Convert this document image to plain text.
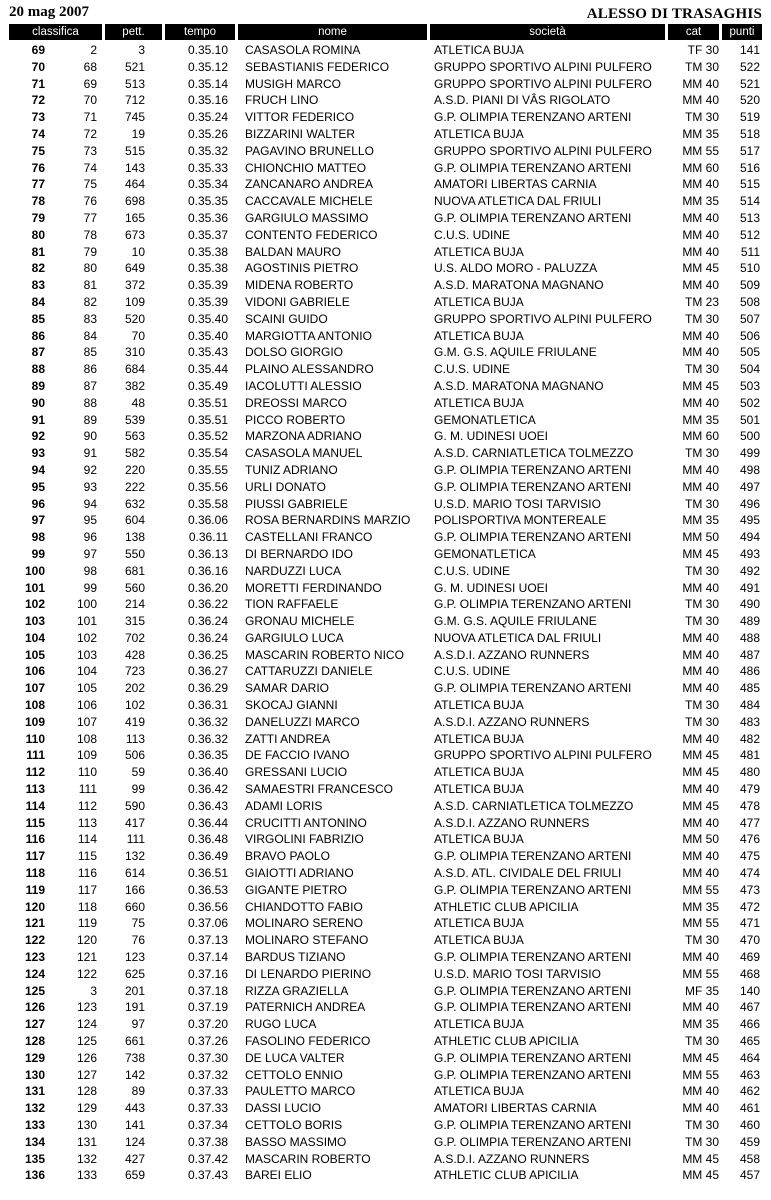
20 mag 2007	ALESSO DI TRASAGHIS
classifica		pett.	tempo	nome	società	cat	punti
69	2	3	0.35.10	CASASOLA ROMINA	ATLETICA BUJA	TF 30	141
70	68	521	0.35.12	SEBASTIANIS FEDERICO	GRUPPO SPORTIVO ALPINI PULFERO	TM 30	522
71	69	513	0.35.14	MUSIGH MARCO	GRUPPO SPORTIVO ALPINI PULFERO	MM 40	521
72	70	712	0.35.16	FRUCH LINO	A.S.D. PIANI DI VÂS RIGOLATO	MM 40	520
73	71	745	0.35.24	VITTOR FEDERICO	G.P. OLIMPIA TERENZANO ARTENI	TM 30	519
74	72	19	0.35.26	BIZZARINI WALTER	ATLETICA BUJA	MM 35	518
75	73	515	0.35.32	PAGAVINO BRUNELLO	GRUPPO SPORTIVO ALPINI PULFERO	MM 55	517
76	74	143	0.35.33	CHIONCHIO MATTEO	G.P. OLIMPIA TERENZANO ARTENI	MM 60	516
77	75	464	0.35.34	ZANCANARO ANDREA	AMATORI LIBERTAS CARNIA	MM 40	515
78	76	698	0.35.35	CACCAVALE MICHELE	NUOVA ATLETICA DAL FRIULI	MM 35	514
79	77	165	0.35.36	GARGIULO MASSIMO	G.P. OLIMPIA TERENZANO ARTENI	MM 40	513
80	78	673	0.35.37	CONTENTO FEDERICO	C.U.S. UDINE	MM 40	512
81	79	10	0.35.38	BALDAN MAURO	ATLETICA BUJA	MM 40	511
82	80	649	0.35.38	AGOSTINIS PIETRO	U.S. ALDO MORO - PALUZZA	MM 45	510
83	81	372	0.35.39	MIDENA ROBERTO	A.S.D. MARATONA MAGNANO	MM 40	509
84	82	109	0.35.39	VIDONI GABRIELE	ATLETICA BUJA	TM 23	508
85	83	520	0.35.40	SCAINI GUIDO	GRUPPO SPORTIVO ALPINI PULFERO	TM 30	507
86	84	70	0.35.40	MARGIOTTA ANTONIO	ATLETICA BUJA	MM 40	506
87	85	310	0.35.43	DOLSO GIORGIO	G.M. G.S. AQUILE FRIULANE	MM 40	505
88	86	684	0.35.44	PLAINO ALESSANDRO	C.U.S. UDINE	TM 30	504
89	87	382	0.35.49	IACOLUTTI ALESSIO	A.S.D. MARATONA MAGNANO	MM 45	503
90	88	48	0.35.51	DREOSSI MARCO	ATLETICA BUJA	MM 40	502
91	89	539	0.35.51	PICCO ROBERTO	GEMONATLETICA	MM 35	501
92	90	563	0.35.52	MARZONA ADRIANO	G. M. UDINESI UOEI	MM 60	500
93	91	582	0.35.54	CASASOLA MANUEL	A.S.D. CARNIATLETICA TOLMEZZO	TM 30	499
94	92	220	0.35.55	TUNIZ ADRIANO	G.P. OLIMPIA TERENZANO ARTENI	MM 40	498
95	93	222	0.35.56	URLI DONATO	G.P. OLIMPIA TERENZANO ARTENI	MM 40	497
96	94	632	0.35.58	PIUSSI GABRIELE	U.S.D. MARIO TOSI TARVISIO	TM 30	496
97	95	604	0.36.06	ROSA BERNARDINS MARZIO	POLISPORTIVA MONTEREALE	MM 35	495
98	96	138	0.36.11	CASTELLANI FRANCO	G.P. OLIMPIA TERENZANO ARTENI	MM 50	494
99	97	550	0.36.13	DI BERNARDO IDO	GEMONATLETICA	MM 45	493
100	98	681	0.36.16	NARDUZZI LUCA	C.U.S. UDINE	TM 30	492
101	99	560	0.36.20	MORETTI FERDINANDO	G. M. UDINESI UOEI	MM 40	491
102	100	214	0.36.22	TION RAFFAELE	G.P. OLIMPIA TERENZANO ARTENI	TM 30	490
103	101	315	0.36.24	GRONAU MICHELE	G.M. G.S. AQUILE FRIULANE	TM 30	489
104	102	702	0.36.24	GARGIULO LUCA	NUOVA ATLETICA DAL FRIULI	MM 40	488
105	103	428	0.36.25	MASCARIN ROBERTO NICO	A.S.D.I. AZZANO RUNNERS	MM 40	487
106	104	723	0.36.27	CATTARUZZI DANIELE	C.U.S. UDINE	MM 40	486
107	105	202	0.36.29	SAMAR DARIO	G.P. OLIMPIA TERENZANO ARTENI	MM 40	485
108	106	102	0.36.31	SKOCAJ GIANNI	ATLETICA BUJA	TM 30	484
109	107	419	0.36.32	DANELUZZI MARCO	A.S.D.I. AZZANO RUNNERS	TM 30	483
110	108	113	0.36.32	ZATTI ANDREA	ATLETICA BUJA	MM 40	482
111	109	506	0.36.35	DE FACCIO IVANO	GRUPPO SPORTIVO ALPINI PULFERO	MM 45	481
112	110	59	0.36.40	GRESSANI LUCIO	ATLETICA BUJA	MM 45	480
113	111	99	0.36.42	SAMAESTRI FRANCESCO	ATLETICA BUJA	MM 40	479
114	112	590	0.36.43	ADAMI LORIS	A.S.D. CARNIATLETICA TOLMEZZO	MM 45	478
115	113	417	0.36.44	CRUCITTI ANTONINO	A.S.D.I. AZZANO RUNNERS	MM 40	477
116	114	111	0.36.48	VIRGOLINI FABRIZIO	ATLETICA BUJA	MM 50	476
117	115	132	0.36.49	BRAVO PAOLO	G.P. OLIMPIA TERENZANO ARTENI	MM 40	475
118	116	614	0.36.51	GIAIOTTI ADRIANO	A.S.D. ATL. CIVIDALE DEL FRIULI	MM 40	474
119	117	166	0.36.53	GIGANTE PIETRO	G.P. OLIMPIA TERENZANO ARTENI	MM 55	473
120	118	660	0.36.56	CHIANDOTTO FABIO	ATHLETIC CLUB APICILIA	MM 35	472
121	119	75	0.37.06	MOLINARO SERENO	ATLETICA BUJA	MM 55	471
122	120	76	0.37.13	MOLINARO STEFANO	ATLETICA BUJA	TM 30	470
123	121	123	0.37.14	BARDUS TIZIANO	G.P. OLIMPIA TERENZANO ARTENI	MM 40	469
124	122	625	0.37.16	DI LENARDO PIERINO	U.S.D. MARIO TOSI TARVISIO	MM 55	468
125	3	201	0.37.18	RIZZA GRAZIELLA	G.P. OLIMPIA TERENZANO ARTENI	MF 35	140
126	123	191	0.37.19	PATERNICH ANDREA	G.P. OLIMPIA TERENZANO ARTENI	MM 40	467
127	124	97	0.37.20	RUGO LUCA	ATLETICA BUJA	MM 35	466
128	125	661	0.37.26	FASOLINO FEDERICO	ATHLETIC CLUB APICILIA	TM 30	465
129	126	738	0.37.30	DE LUCA VALTER	G.P. OLIMPIA TERENZANO ARTENI	MM 45	464
130	127	142	0.37.32	CETTOLO ENNIO	G.P. OLIMPIA TERENZANO ARTENI	MM 55	463
131	128	89	0.37.33	PAULETTO MARCO	ATLETICA BUJA	MM 40	462
132	129	443	0.37.33	DASSI LUCIO	AMATORI LIBERTAS CARNIA	MM 40	461
133	130	141	0.37.34	CETTOLO BORIS	G.P. OLIMPIA TERENZANO ARTENI	TM 30	460
134	131	124	0.37.38	BASSO MASSIMO	G.P. OLIMPIA TERENZANO ARTENI	TM 30	459
135	132	427	0.37.42	MASCARIN ROBERTO	A.S.D.I. AZZANO RUNNERS	MM 45	458
136	133	659	0.37.43	BAREI ELIO	ATHLETIC CLUB APICILIA	MM 45	457
